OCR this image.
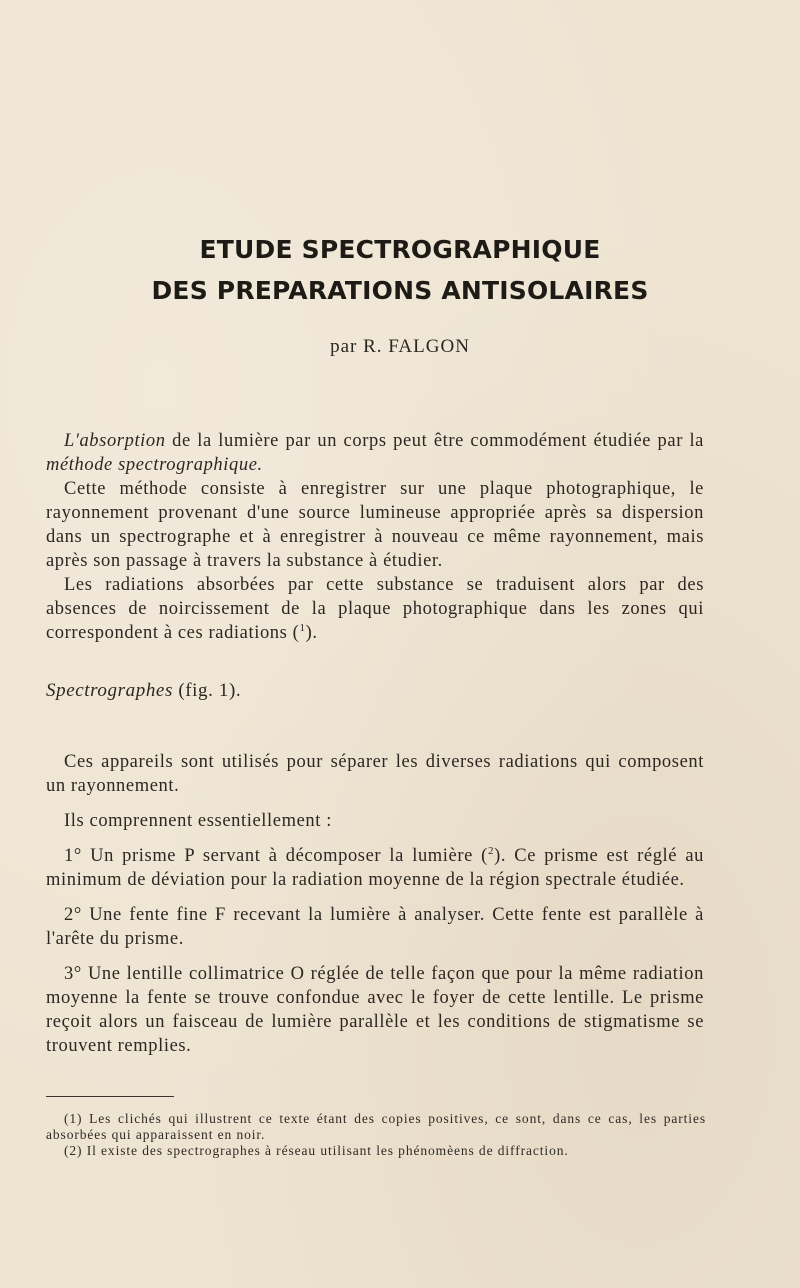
ETUDE SPECTROGRAPHIQUE
DES PREPARATIONS ANTISOLAIRES
par R. FALGON

L'absorption de la lumière par un corps peut être commodément étudiée par la méthode spectrographique.

Cette méthode consiste à enregistrer sur une plaque photographique, le rayonnement provenant d'une source lumineuse appropriée après sa dispersion dans un spectrographe et à enregistrer à nouveau ce même rayonnement, mais après son passage à travers la substance à étudier.

Les radiations absorbées par cette substance se traduisent alors par des absences de noircissement de la plaque photographique dans les zones qui correspondent à ces radiations ($^1$).

Spectrographes (fig. 1).

Ces appareils sont utilisés pour séparer les diverses radiations qui composent un rayonnement.

Ils comprennent essentiellement :

1° Un prisme P servant à décomposer la lumière ($^2$). Ce prisme est réglé au minimum de déviation pour la radiation moyenne de la région spectrale étudiée.

2° Une fente fine F recevant la lumière à analyser. Cette fente est parallèle à l'arête du prisme.

3° Une lentille collimatrice O réglée de telle façon que pour la même radiation moyenne la fente se trouve confondue avec le foyer de cette lentille. Le prisme reçoit alors un faisceau de lumière parallèle et les conditions de stigmatisme se trouvent remplies.

(1) Les clichés qui illustrent ce texte étant des copies positives, ce sont, dans ce cas, les parties absorbées qui apparaissent en noir.

(2) Il existe des spectrographes à réseau utilisant les phénomèens de diffraction.
